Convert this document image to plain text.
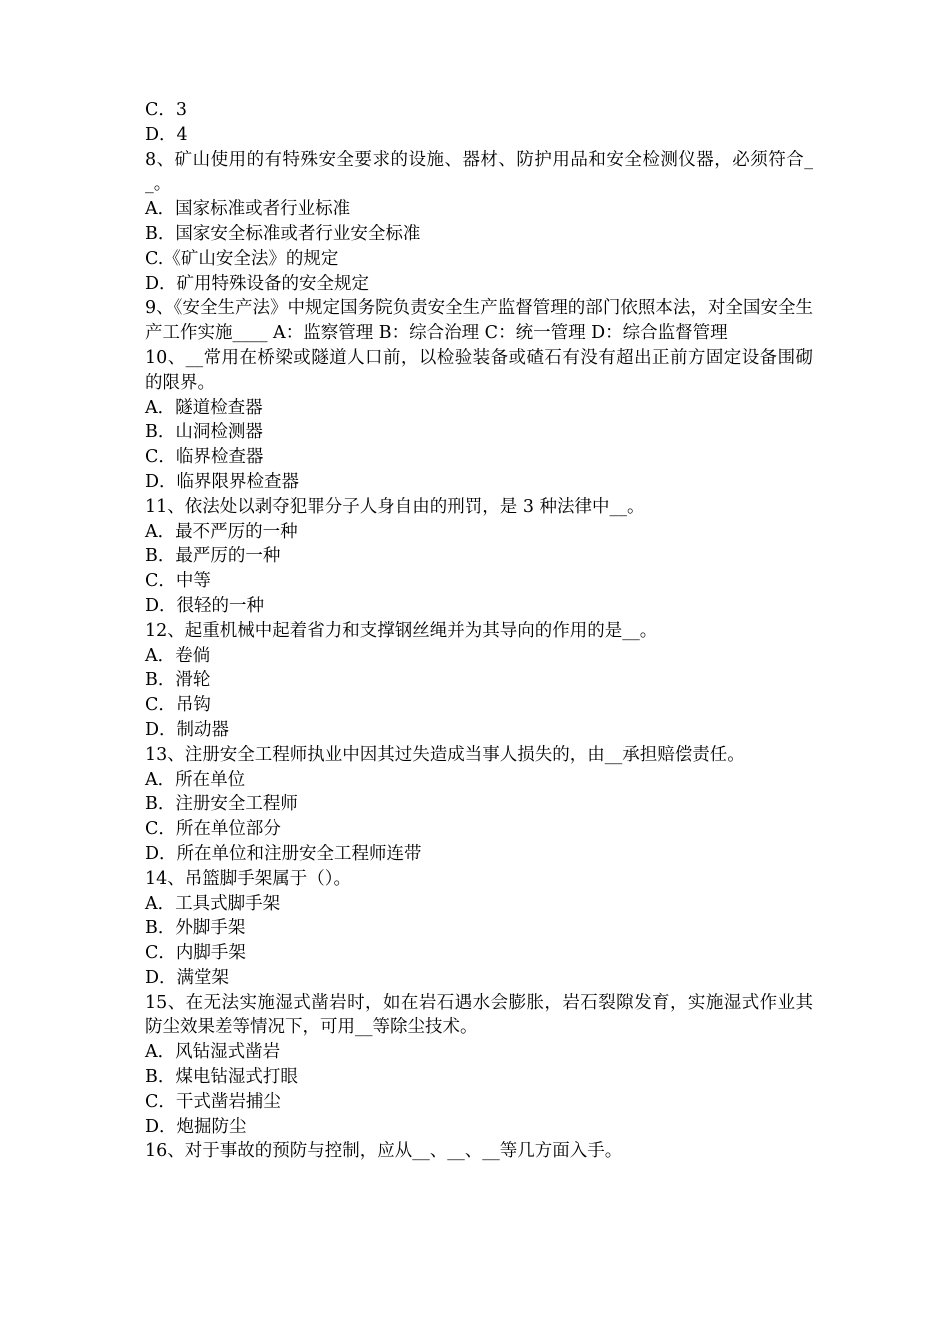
C．3
D．4
8、矿山使用的有特殊安全要求的设施、器材、防护用品和安全检测仪器，必须符合__。
A．国家标准或者行业标准
B．国家安全标准或者行业安全标准
C.《矿山安全法》的规定
D．矿用特殊设备的安全规定
9、《安全生产法》中规定国务院负责安全生产监督管理的部门依照本法，对全国安全生产工作实施____ A：监察管理 B：综合治理 C：统一管理 D：综合监督管理
10、__常用在桥梁或隧道人口前，以检验装备或碴石有没有超出正前方固定设备围砌的限界。
A．隧道检查器
B．山洞检测器
C．临界检查器
D．临界限界检查器
11、依法处以剥夺犯罪分子人身自由的刑罚，是 3 种法律中__。
A．最不严厉的一种
B．最严厉的一种
C．中等
D．很轻的一种
12、起重机械中起着省力和支撑钢丝绳并为其导向的作用的是__。
A．卷倘
B．滑轮
C．吊钩
D．制动器
13、注册安全工程师执业中因其过失造成当事人损失的，由__承担赔偿责任。
A．所在单位
B．注册安全工程师
C．所在单位部分
D．所在单位和注册安全工程师连带
14、吊篮脚手架属于（）。
A．工具式脚手架
B．外脚手架
C．内脚手架
D．满堂架
15、在无法实施湿式凿岩时，如在岩石遇水会膨胀，岩石裂隙发育，实施湿式作业其防尘效果差等情况下，可用__等除尘技术。
A．风钻湿式凿岩
B．煤电钻湿式打眼
C．干式凿岩捕尘
D．炮掘防尘
16、对于事故的预防与控制，应从__、__、__等几方面入手。
